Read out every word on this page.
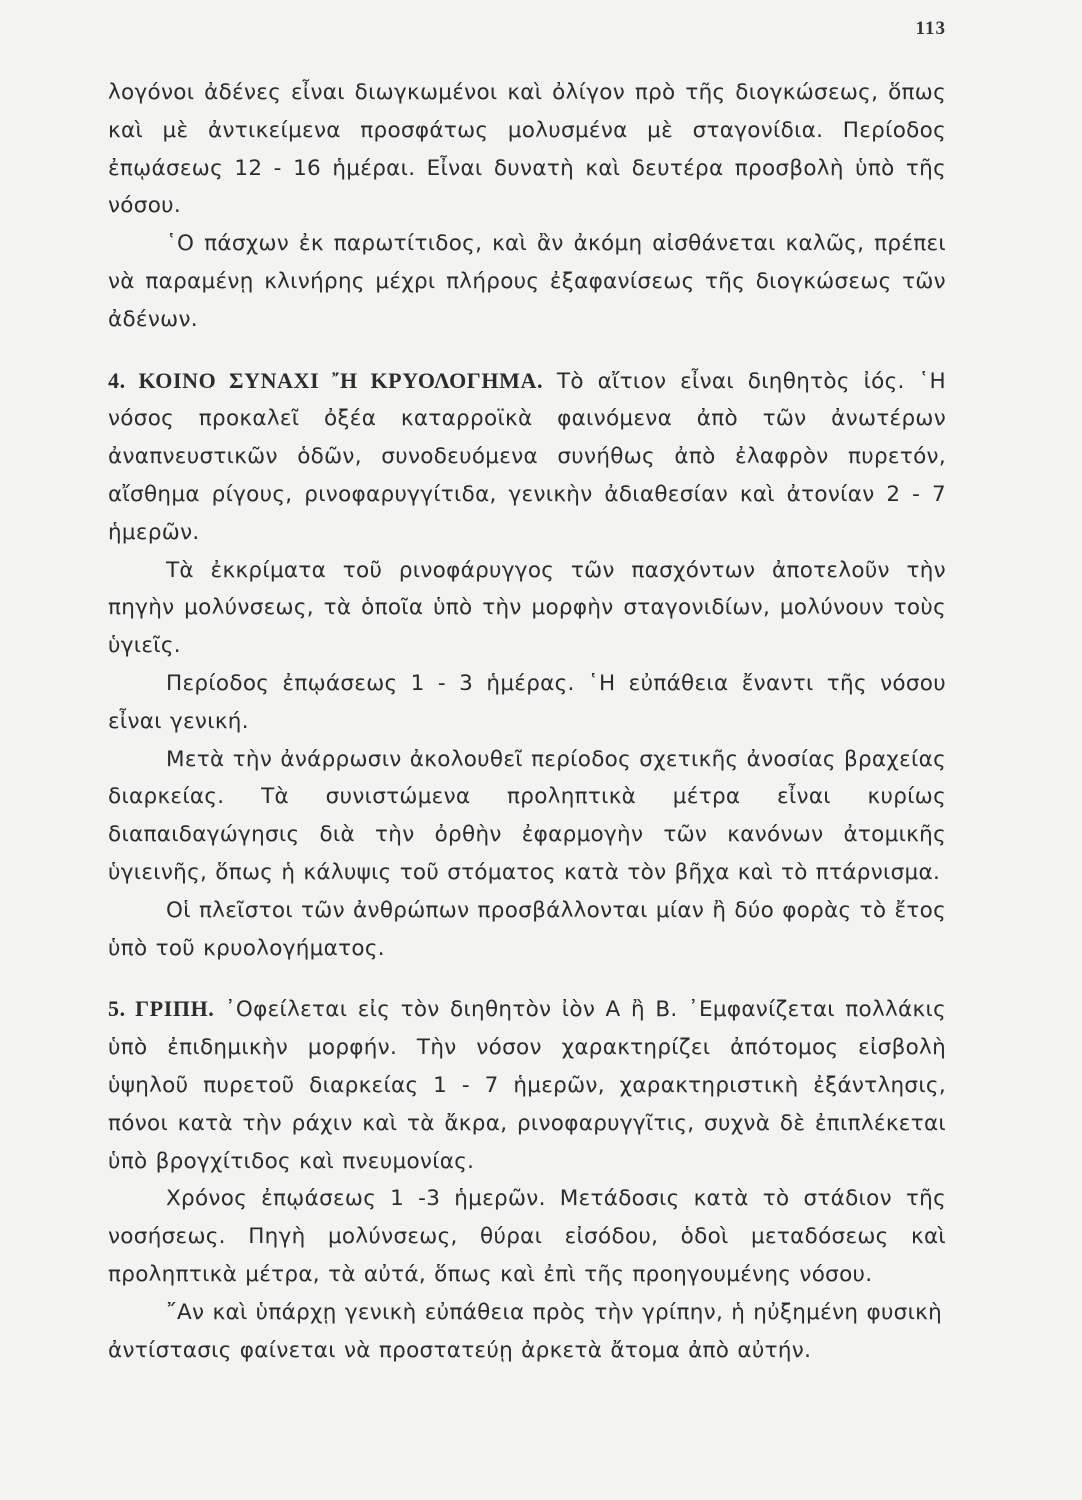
113

λογόνοι ἀδένες εἶναι διωγκωμένοι καὶ ὀλίγον πρὸ τῆς διογκώσεως, ὅπως καὶ μὲ ἀντικείμενα προσφάτως μολυσμένα μὲ σταγονίδια. Περίοδος ἐπῳάσεως 12 - 16 ἡμέραι. Εἶναι δυνατὴ καὶ δευτέρα προσβολὴ ὑπὸ τῆς νόσου.

῾Ο πάσχων ἐκ παρωτίτιδος, καὶ ἂν ἀκόμη αἰσθάνεται καλῶς, πρέπει νὰ παραμένῃ κλινήρης μέχρι πλήρους ἐξαφανίσεως τῆς διογκώσεως τῶν ἀδένων.

4. ΚΟΙΝΟ ΣΥΝΑΧΙ ῎Η ΚΡΥΟΛΟΓΗΜΑ. Τὸ αἴτιον εἶναι διηθητὸς ἰός. ῾Η νόσος προκαλεῖ ὀξέα καταρροϊκὰ φαινόμενα ἀπὸ τῶν ἀνωτέρων ἀναπνευστικῶν ὁδῶν, συνοδευόμενα συνήθως ἀπὸ ἐλαφρὸν πυρετόν, αἴσθημα ρίγους, ρινοφαρυγγίτιδα, γενικὴν ἀδιαθεσίαν καὶ ἀτονίαν 2 - 7 ἡμερῶν.

Τὰ ἐκκρίματα τοῦ ρινοφάρυγγος τῶν πασχόντων ἀποτελοῦν τὴν πηγὴν μολύνσεως, τὰ ὁποῖα ὑπὸ τὴν μορφὴν σταγονιδίων, μολύνουν τοὺς ὑγιεῖς.

Περίοδος ἐπῳάσεως 1 - 3 ἡμέρας. ῾Η εὐπάθεια ἔναντι τῆς νόσου εἶναι γενική.

Μετὰ τὴν ἀνάρρωσιν ἀκολουθεῖ περίοδος σχετικῆς ἀνοσίας βραχείας διαρκείας. Τὰ συνιστώμενα προληπτικὰ μέτρα εἶναι κυρίως διαπαιδαγώγησις διὰ τὴν ὀρθὴν ἐφαρμογὴν τῶν κανόνων ἀτομικῆς ὑγιεινῆς, ὅπως ἡ κάλυψις τοῦ στόματος κατὰ τὸν βῆχα καὶ τὸ πτάρνισμα.

Οἱ πλεῖστοι τῶν ἀνθρώπων προσβάλλονται μίαν ἢ δύο φορὰς τὸ ἔτος ὑπὸ τοῦ κρυολογήματος.

5. ΓΡΙΠΗ. ᾿Οφείλεται εἰς τὸν διηθητὸν ἰὸν Α ἢ Β. ᾿Εμφανίζεται πολλάκις ὑπὸ ἐπιδημικὴν μορφήν. Τὴν νόσον χαρακτηρίζει ἀπότομος εἰσβολὴ ὑψηλοῦ πυρετοῦ διαρκείας 1 - 7 ἡμερῶν, χαρακτηριστικὴ ἐξάντλησις, πόνοι κατὰ τὴν ράχιν καὶ τὰ ἄκρα, ρινοφαρυγγῖτις, συχνὰ δὲ ἐπιπλέκεται ὑπὸ βρογχίτιδος καὶ πνευμονίας.

Χρόνος ἐπῳάσεως 1 -3 ἡμερῶν. Μετάδοσις κατὰ τὸ στάδιον τῆς νοσήσεως. Πηγὴ μολύνσεως, θύραι εἰσόδου, ὁδοὶ μεταδόσεως καὶ προληπτικὰ μέτρα, τὰ αὐτά, ὅπως καὶ ἐπὶ τῆς προηγουμένης νόσου.

῎Αν καὶ ὑπάρχῃ γενικὴ εὐπάθεια πρὸς τὴν γρίπην, ἡ ηὐξημένη φυσικὴ ἀντίστασις φαίνεται νὰ προστατεύῃ ἀρκετὰ ἄτομα ἀπὸ αὐτήν.
